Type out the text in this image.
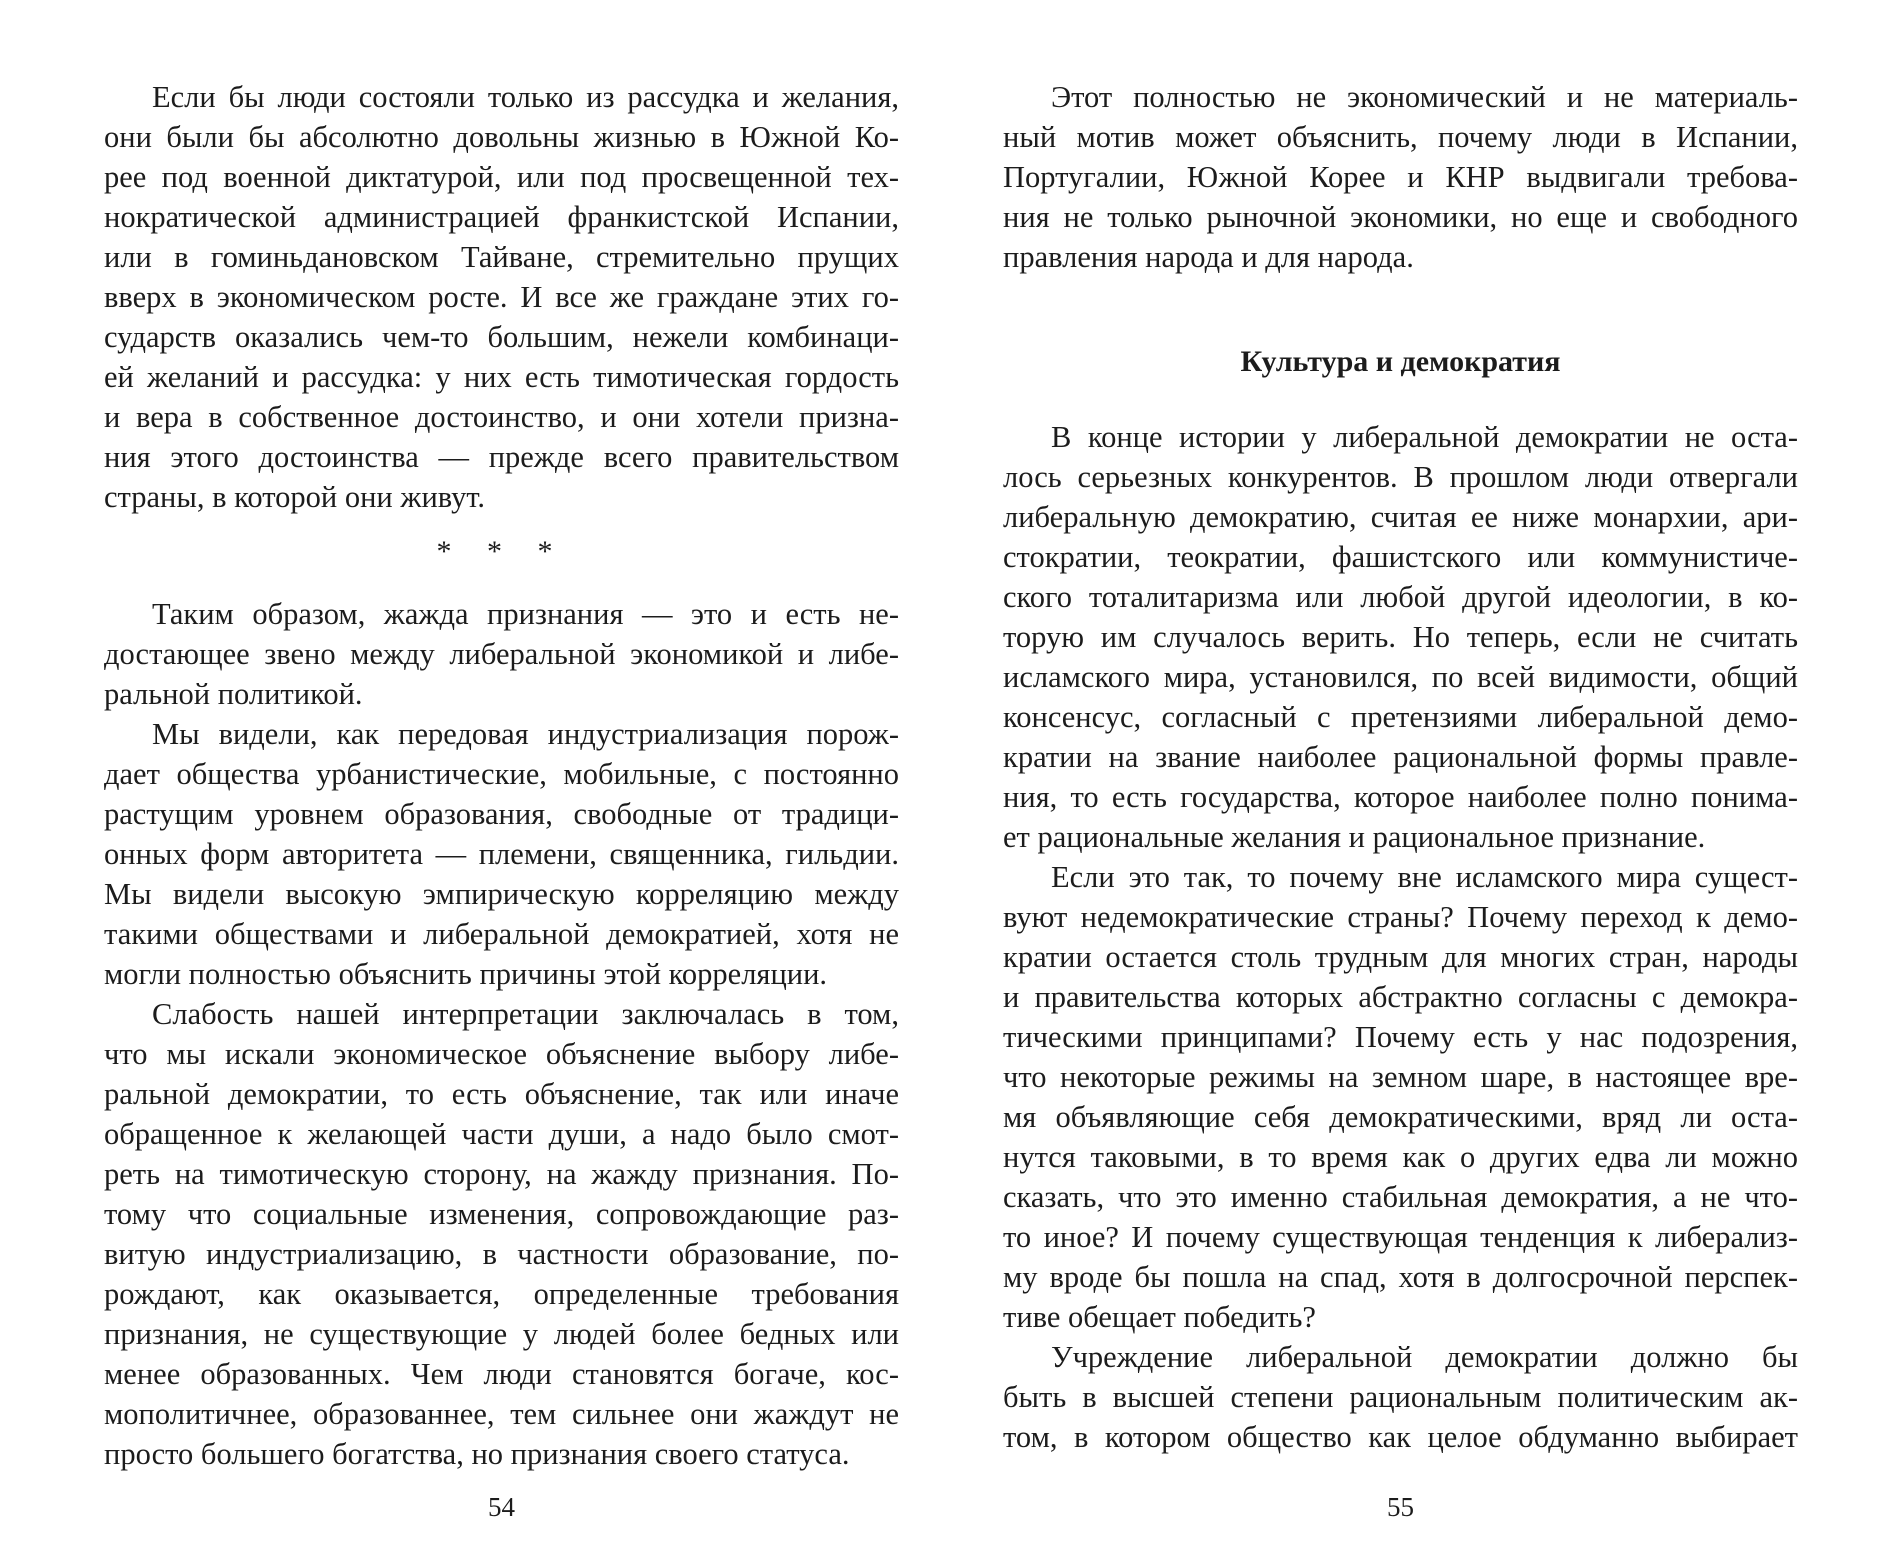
Если бы люди состояли только из рассудка и желания,
они были бы абсолютно довольны жизнью в Южной Ко-
рее под военной диктатурой, или под просвещенной тех-
нократической администрацией франкистской Испании,
или в гоминьдановском Тайване, стремительно прущих
вверх в экономическом росте. И все же граждане этих го-
сударств оказались чем-то большим, нежели комбинаци-
ей желаний и рассудка: у них есть тимотическая гордость
и вера в собственное достоинство, и они хотели призна-
ния этого достоинства — прежде всего правительством
страны, в которой они живут.
* * *
Таким образом, жажда признания — это и есть не-
достающее звено между либеральной экономикой и либе-
ральной политикой.
Мы видели, как передовая индустриализация порож-
дает общества урбанистические, мобильные, с постоянно
растущим уровнем образования, свободные от традици-
онных форм авторитета — племени, священника, гильдии.
Мы видели высокую эмпирическую корреляцию между
такими обществами и либеральной демократией, хотя не
могли полностью объяснить причины этой корреляции.
Слабость нашей интерпретации заключалась в том,
что мы искали экономическое объяснение выбору либе-
ральной демократии, то есть объяснение, так или иначе
обращенное к желающей части души, а надо было смот-
реть на тимотическую сторону, на жажду признания. По-
тому что социальные изменения, сопровождающие раз-
витую индустриализацию, в частности образование, по-
рождают, как оказывается, определенные требования
признания, не существующие у людей более бедных или
менее образованных. Чем люди становятся богаче, кос-
мополитичнее, образованнее, тем сильнее они жаждут не
просто большего богатства, но признания своего статуса.
54
Этот полностью не экономический и не материаль-
ный мотив может объяснить, почему люди в Испании,
Португалии, Южной Корее и КНР выдвигали требова-
ния не только рыночной экономики, но еще и свободного
правления народа и для народа.
Культура и демократия
В конце истории у либеральной демократии не оста-
лось серьезных конкурентов. В прошлом люди отвергали
либеральную демократию, считая ее ниже монархии, ари-
стократии, теократии, фашистского или коммунистиче-
ского тоталитаризма или любой другой идеологии, в ко-
торую им случалось верить. Но теперь, если не считать
исламского мира, установился, по всей видимости, общий
консенсус, согласный с претензиями либеральной демо-
кратии на звание наиболее рациональной формы правле-
ния, то есть государства, которое наиболее полно понима-
ет рациональные желания и рациональное признание.
Если это так, то почему вне исламского мира сущест-
вуют недемократические страны? Почему переход к демо-
кратии остается столь трудным для многих стран, народы
и правительства которых абстрактно согласны с демокра-
тическими принципами? Почему есть у нас подозрения,
что некоторые режимы на земном шаре, в настоящее вре-
мя объявляющие себя демократическими, вряд ли оста-
нутся таковыми, в то время как о других едва ли можно
сказать, что это именно стабильная демократия, а не что-
то иное? И почему существующая тенденция к либерализ-
му вроде бы пошла на спад, хотя в долгосрочной перспек-
тиве обещает победить?
Учреждение либеральной демократии должно бы
быть в высшей степени рациональным политическим ак-
том, в котором общество как целое обдуманно выбирает
55
